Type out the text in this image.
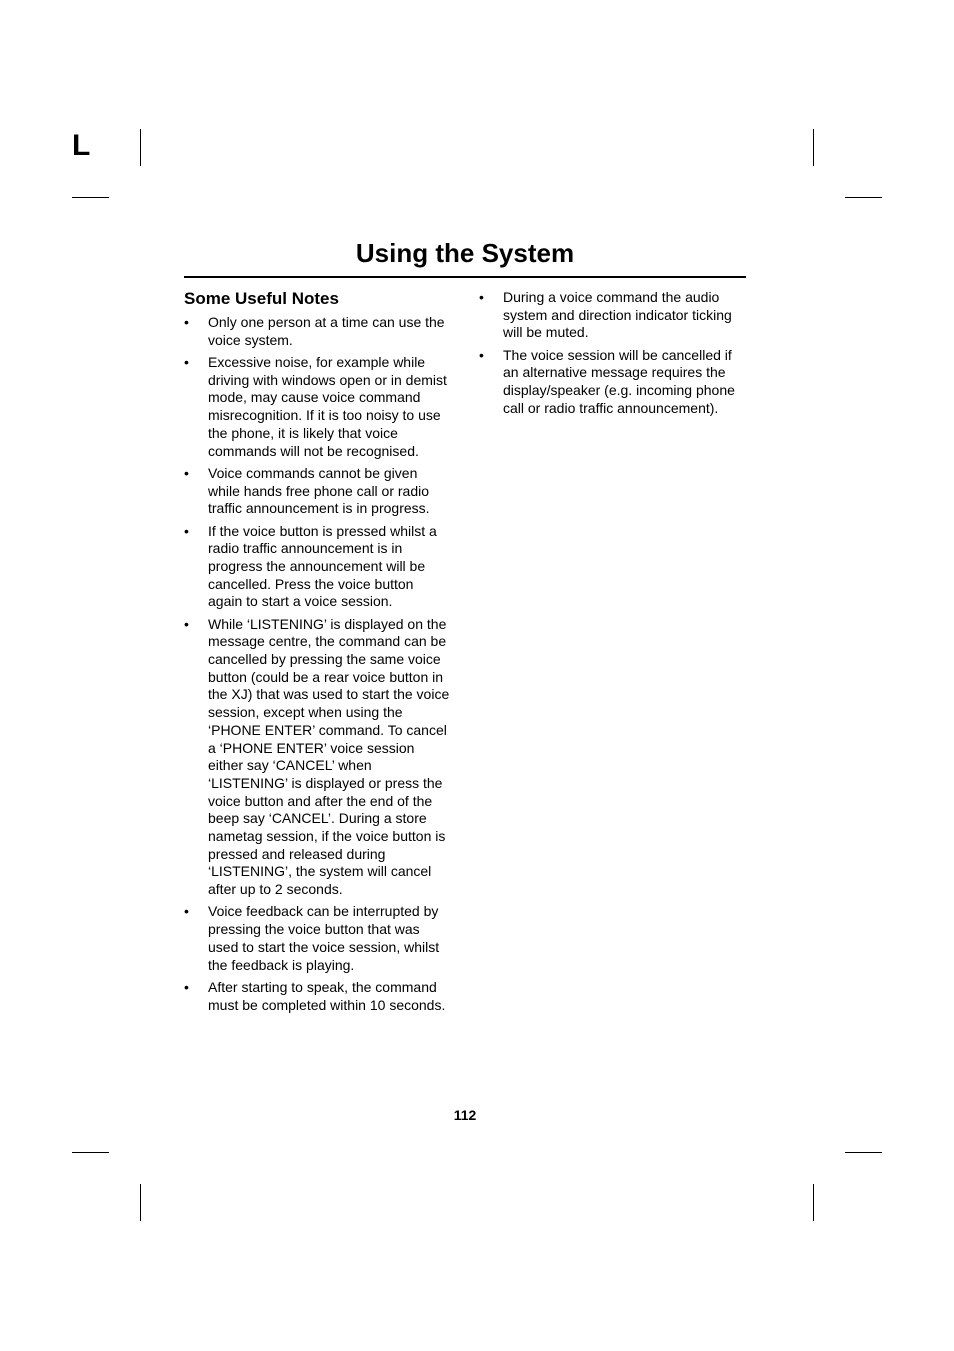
L
Using the System
Some Useful Notes
•	Only one person at a time can use the voice system.
•	Excessive noise, for example while driving with windows open or in demist mode, may cause voice command misrecognition. If it is too noisy to use the phone, it is likely that voice commands will not be recognised.
•	Voice commands cannot be given while hands free phone call or radio traffic announcement is in progress.
•	If the voice button is pressed whilst a radio traffic announcement is in progress the announcement will be cancelled. Press the voice button again to start a voice session.
•	While ‘LISTENING’ is displayed on the message centre, the command can be cancelled by pressing the same voice button (could be a rear voice button in the XJ) that was used to start the voice session, except when using the ‘PHONE ENTER’ command. To cancel a ‘PHONE ENTER’ voice session either say ‘CANCEL’ when ‘LISTENING’ is displayed or press the voice button and after the end of the beep say ‘CANCEL’. During a store nametag session, if the voice button is pressed and released during ‘LISTENING’, the system will cancel after up to 2 seconds.
•	Voice feedback can be interrupted by pressing the voice button that was used to start the voice session, whilst the feedback is playing.
•	After starting to speak, the command must be completed within 10 seconds.
•	During a voice command the audio system and direction indicator ticking will be muted.
•	The voice session will be cancelled if an alternative message requires the display/speaker (e.g. incoming phone call or radio traffic announcement).
112
